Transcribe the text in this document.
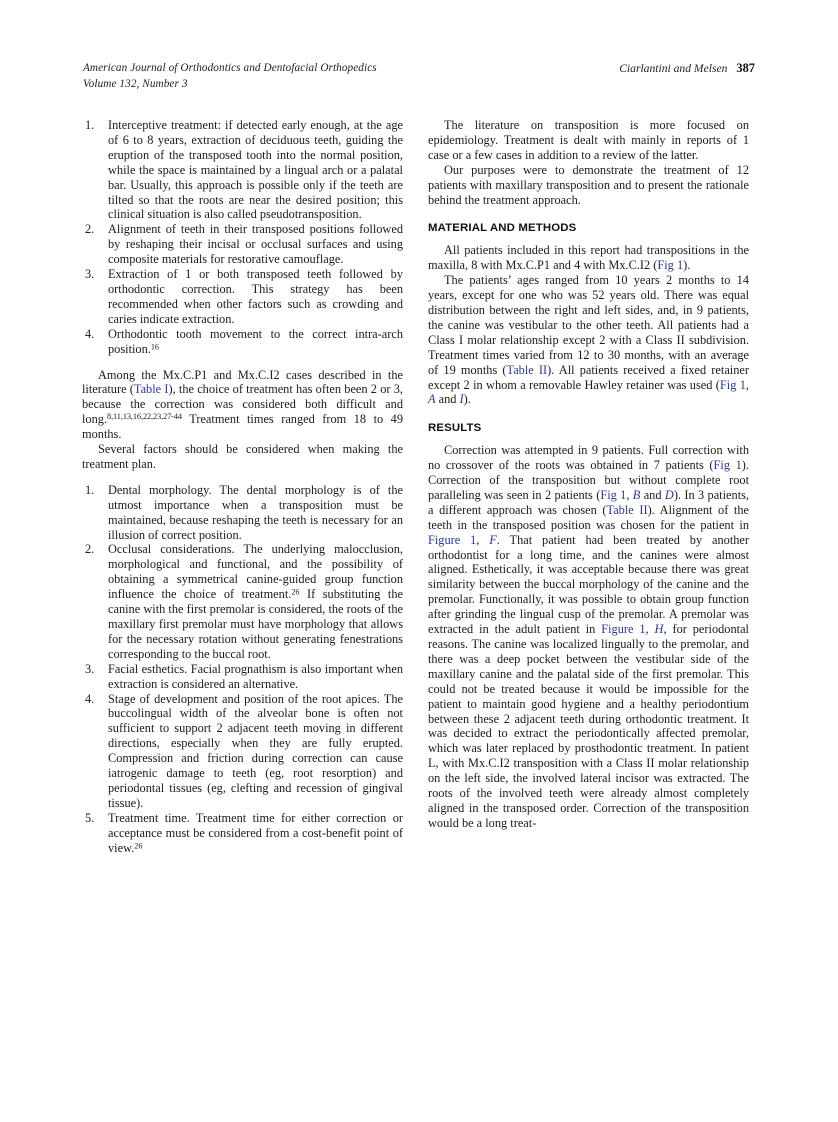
American Journal of Orthodontics and Dentofacial Orthopedics
Volume 132, Number 3
Ciarlantini and Melsen 387
1.	Interceptive treatment: if detected early enough, at the age of 6 to 8 years, extraction of deciduous teeth, guiding the eruption of the transposed tooth into the normal position, while the space is maintained by a lingual arch or a palatal bar. Usually, this approach is possible only if the teeth are tilted so that the roots are near the desired position; this clinical situation is also called pseudotransposition.
2.	Alignment of teeth in their transposed positions followed by reshaping their incisal or occlusal surfaces and using composite materials for restorative camouflage.
3.	Extraction of 1 or both transposed teeth followed by orthodontic correction. This strategy has been recommended when other factors such as crowding and caries indicate extraction.
4.	Orthodontic tooth movement to the correct intra-arch position.$^{16}$

Among the Mx.C.P1 and Mx.C.I2 cases described in the literature (Table I), the choice of treatment has often been 2 or 3, because the correction was considered both difficult and long.$^{8,11,13,16,22,23,27-44}$ Treatment times ranged from 18 to 49 months.

Several factors should be considered when making the treatment plan.

1.	Dental morphology. The dental morphology is of the utmost importance when a transposition must be maintained, because reshaping the teeth is necessary for an illusion of correct position.
2.	Occlusal considerations. The underlying malocclusion, morphological and functional, and the possibility of obtaining a symmetrical canine-guided group function influence the choice of treatment.$^{26}$ If substituting the canine with the first premolar is considered, the roots of the maxillary first premolar must have morphology that allows for the necessary rotation without generating fenestrations corresponding to the buccal root.
3.	Facial esthetics. Facial prognathism is also important when extraction is considered an alternative.
4.	Stage of development and position of the root apices. The buccolingual width of the alveolar bone is often not sufficient to support 2 adjacent teeth moving in different directions, especially when they are fully erupted. Compression and friction during correction can cause iatrogenic damage to teeth (eg, root resorption) and periodontal tissues (eg, clefting and recession of gingival tissue).
5.	Treatment time. Treatment time for either correction or acceptance must be considered from a cost-benefit point of view.$^{26}$

The literature on transposition is more focused on epidemiology. Treatment is dealt with mainly in reports of 1 case or a few cases in addition to a review of the latter.

Our purposes were to demonstrate the treatment of 12 patients with maxillary transposition and to present the rationale behind the treatment approach.

MATERIAL AND METHODS

All patients included in this report had transpositions in the maxilla, 8 with Mx.C.P1 and 4 with Mx.C.I2 (Fig 1).

The patients’ ages ranged from 10 years 2 months to 14 years, except for one who was 52 years old. There was equal distribution between the right and left sides, and, in 9 patients, the canine was vestibular to the other teeth. All patients had a Class I molar relationship except 2 with a Class II subdivision. Treatment times varied from 12 to 30 months, with an average of 19 months (Table II). All patients received a fixed retainer except 2 in whom a removable Hawley retainer was used (Fig 1, A and I).

RESULTS

Correction was attempted in 9 patients. Full correction with no crossover of the roots was obtained in 7 patients (Fig 1). Correction of the transposition but without complete root paralleling was seen in 2 patients (Fig 1, B and D). In 3 patients, a different approach was chosen (Table II). Alignment of the teeth in the transposed position was chosen for the patient in Figure 1, F. That patient had been treated by another orthodontist for a long time, and the canines were almost aligned. Esthetically, it was acceptable because there was great similarity between the buccal morphology of the canine and the premolar. Functionally, it was possible to obtain group function after grinding the lingual cusp of the premolar. A premolar was extracted in the adult patient in Figure 1, H, for periodontal reasons. The canine was localized lingually to the premolar, and there was a deep pocket between the vestibular side of the maxillary canine and the palatal side of the first premolar. This could not be treated because it would be impossible for the patient to maintain good hygiene and a healthy periodontium between these 2 adjacent teeth during orthodontic treatment. It was decided to extract the periodontically affected premolar, which was later replaced by prosthodontic treatment. In patient L, with Mx.C.I2 transposition with a Class II molar relationship on the left side, the involved lateral incisor was extracted. The roots of the involved teeth were already almost completely aligned in the transposed order. Correction of the transposition would be a long treat-
